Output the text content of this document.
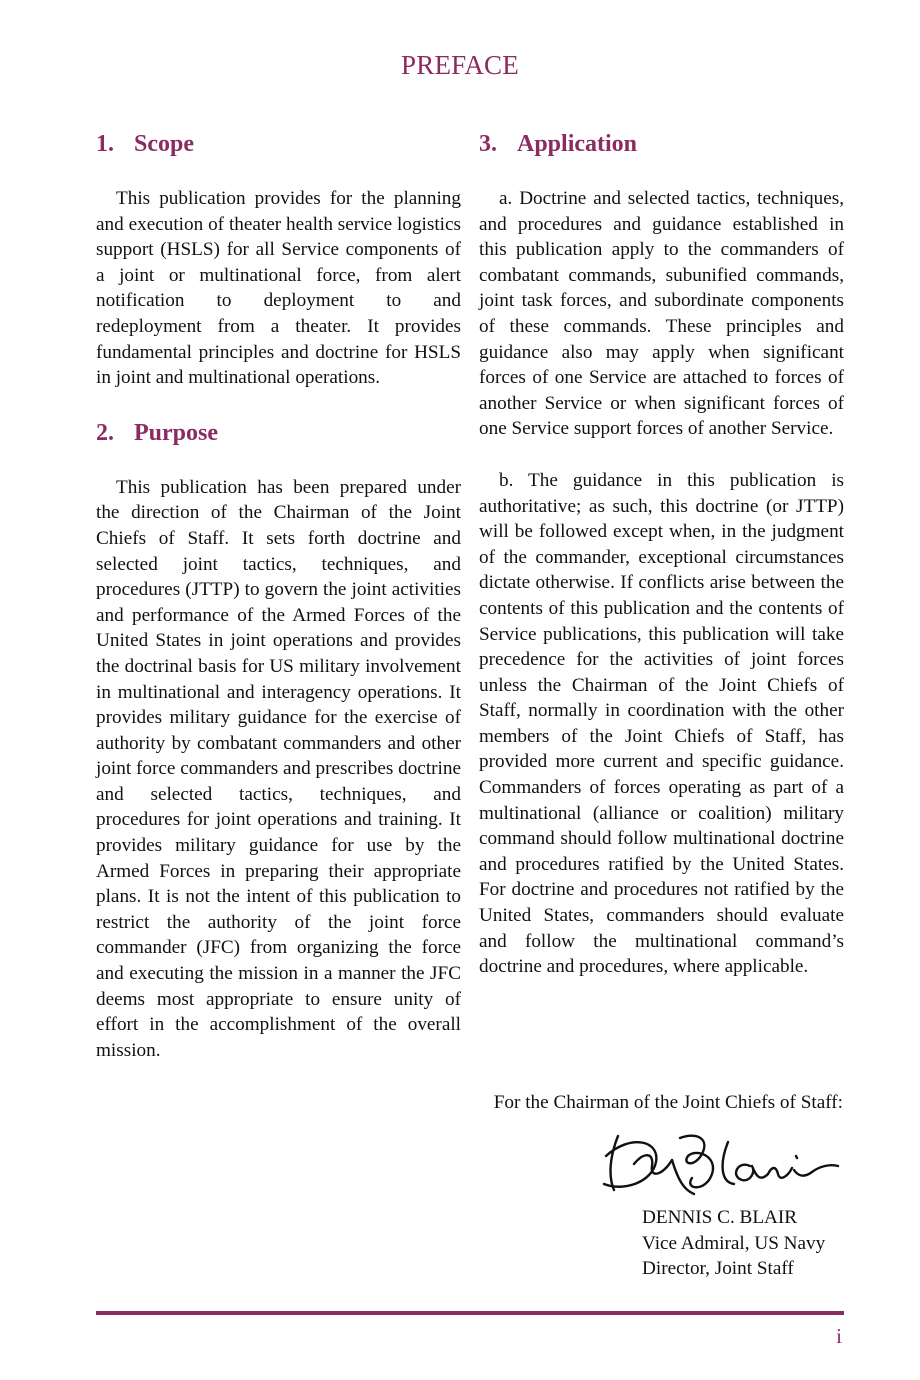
PREFACE
1. Scope

This publication provides for the planning and execution of theater health service logistics support (HSLS) for all Service components of a joint or multinational force, from alert notification to deployment to and redeployment from a theater. It provides fundamental principles and doctrine for HSLS in joint and multinational operations.

2. Purpose

This publication has been prepared under the direction of the Chairman of the Joint Chiefs of Staff. It sets forth doctrine and selected joint tactics, techniques, and procedures (JTTP) to govern the joint activities and performance of the Armed Forces of the United States in joint operations and provides the doctrinal basis for US military involvement in multinational and interagency operations. It provides military guidance for the exercise of authority by combatant commanders and other joint force commanders and prescribes doctrine and selected tactics, techniques, and procedures for joint operations and training. It provides military guidance for use by the Armed Forces in preparing their appropriate plans. It is not the intent of this publication to restrict the authority of the joint force commander (JFC) from organizing the force and executing the mission in a manner the JFC deems most appropriate to ensure unity of effort in the accomplishment of the overall mission.

3. Application

a. Doctrine and selected tactics, techniques, and procedures and guidance established in this publication apply to the commanders of combatant commands, subunified commands, joint task forces, and subordinate components of these commands. These principles and guidance also may apply when significant forces of one Service are attached to forces of another Service or when significant forces of one Service support forces of another Service.

b. The guidance in this publication is authoritative; as such, this doctrine (or JTTP) will be followed except when, in the judgment of the commander, exceptional circumstances dictate otherwise. If conflicts arise between the contents of this publication and the contents of Service publications, this publication will take precedence for the activities of joint forces unless the Chairman of the Joint Chiefs of Staff, normally in coordination with the other members of the Joint Chiefs of Staff, has provided more current and specific guidance. Commanders of forces operating as part of a multinational (alliance or coalition) military command should follow multinational doctrine and procedures ratified by the United States. For doctrine and procedures not ratified by the United States, commanders should evaluate and follow the multinational command’s doctrine and procedures, where applicable.

For the Chairman of the Joint Chiefs of Staff:
DENNIS C. BLAIR
Vice Admiral, US Navy
Director, Joint Staff
i
